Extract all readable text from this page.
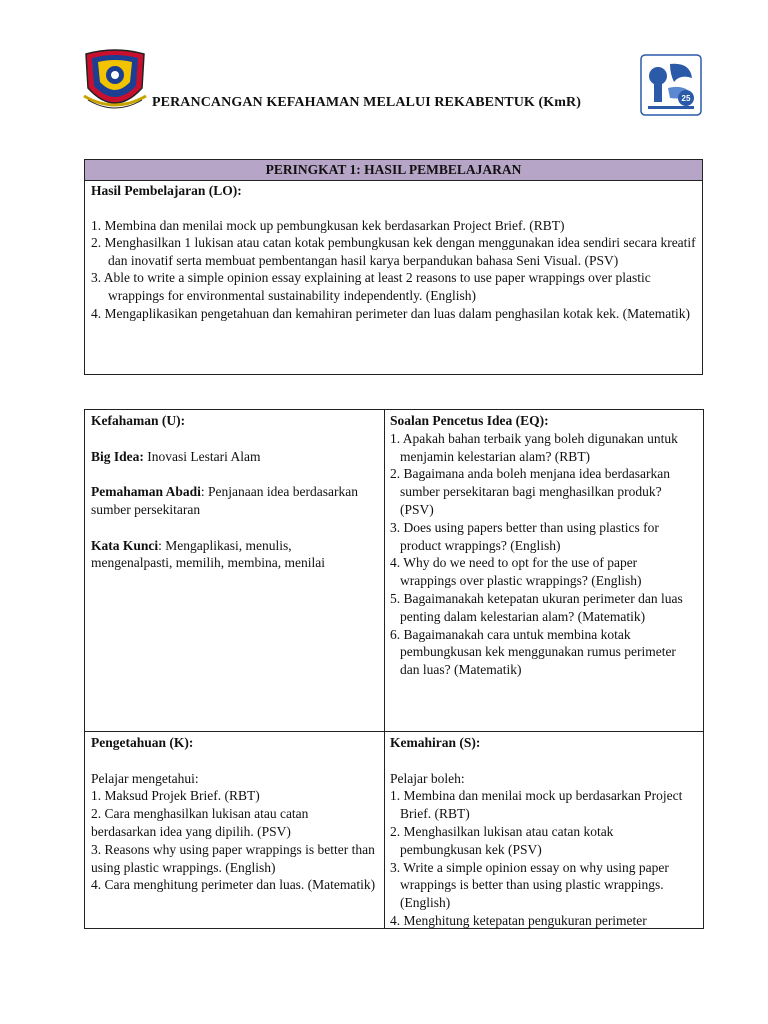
PERANCANGAN KEFAHAMAN MELALUI REKABENTUK (KmR)	25
PERINGKAT 1: HASIL PEMBELAJARAN
Hasil Pembelajaran (LO):
1. Membina dan menilai mock up pembungkusan kek berdasarkan Project Brief. (RBT)
2. Menghasilkan 1 lukisan atau catan kotak pembungkusan kek dengan menggunakan idea sendiri secara kreatif dan inovatif serta membuat pembentangan hasil karya berpandukan bahasa Seni Visual. (PSV)
3. Able to write a simple opinion essay explaining at least 2 reasons to use paper wrappings over plastic wrappings for environmental sustainability independently. (English)
4. Mengaplikasikan pengetahuan dan kemahiran perimeter dan luas dalam penghasilan kotak kek. (Matematik)
Kefahaman (U):
Big Idea: Inovasi Lestari Alam
Pemahaman Abadi: Penjanaan idea berdasarkan sumber persekitaran
Kata Kunci: Mengaplikasi, menulis, mengenalpasti, memilih, membina, menilai
Soalan Pencetus Idea (EQ):
1. Apakah bahan terbaik yang boleh digunakan untuk menjamin kelestarian alam? (RBT)
2. Bagaimana anda boleh menjana idea berdasarkan sumber persekitaran bagi menghasilkan produk? (PSV)
3. Does using papers better than using plastics for product wrappings? (English)
4. Why do we need to opt for the use of paper wrappings over plastic wrappings? (English)
5. Bagaimanakah ketepatan ukuran perimeter dan luas penting dalam kelestarian alam? (Matematik)
6. Bagaimanakah cara untuk membina kotak pembungkusan kek menggunakan rumus perimeter dan luas? (Matematik)
Pengetahuan (K):
Pelajar mengetahui:
1. Maksud Projek Brief. (RBT)
2. Cara menghasilkan lukisan atau catan berdasarkan idea yang dipilih. (PSV)
3. Reasons why using paper wrappings is better than using plastic wrappings. (English)
4. Cara menghitung perimeter dan luas. (Matematik)
Kemahiran (S):
Pelajar boleh:
1. Membina dan menilai mock up berdasarkan Project Brief. (RBT)
2. Menghasilkan lukisan atau catan kotak pembungkusan kek (PSV)
3. Write a simple opinion essay on why using paper wrappings is better than using plastic wrappings. (English)
4. Menghitung ketepatan pengukuran perimeter
